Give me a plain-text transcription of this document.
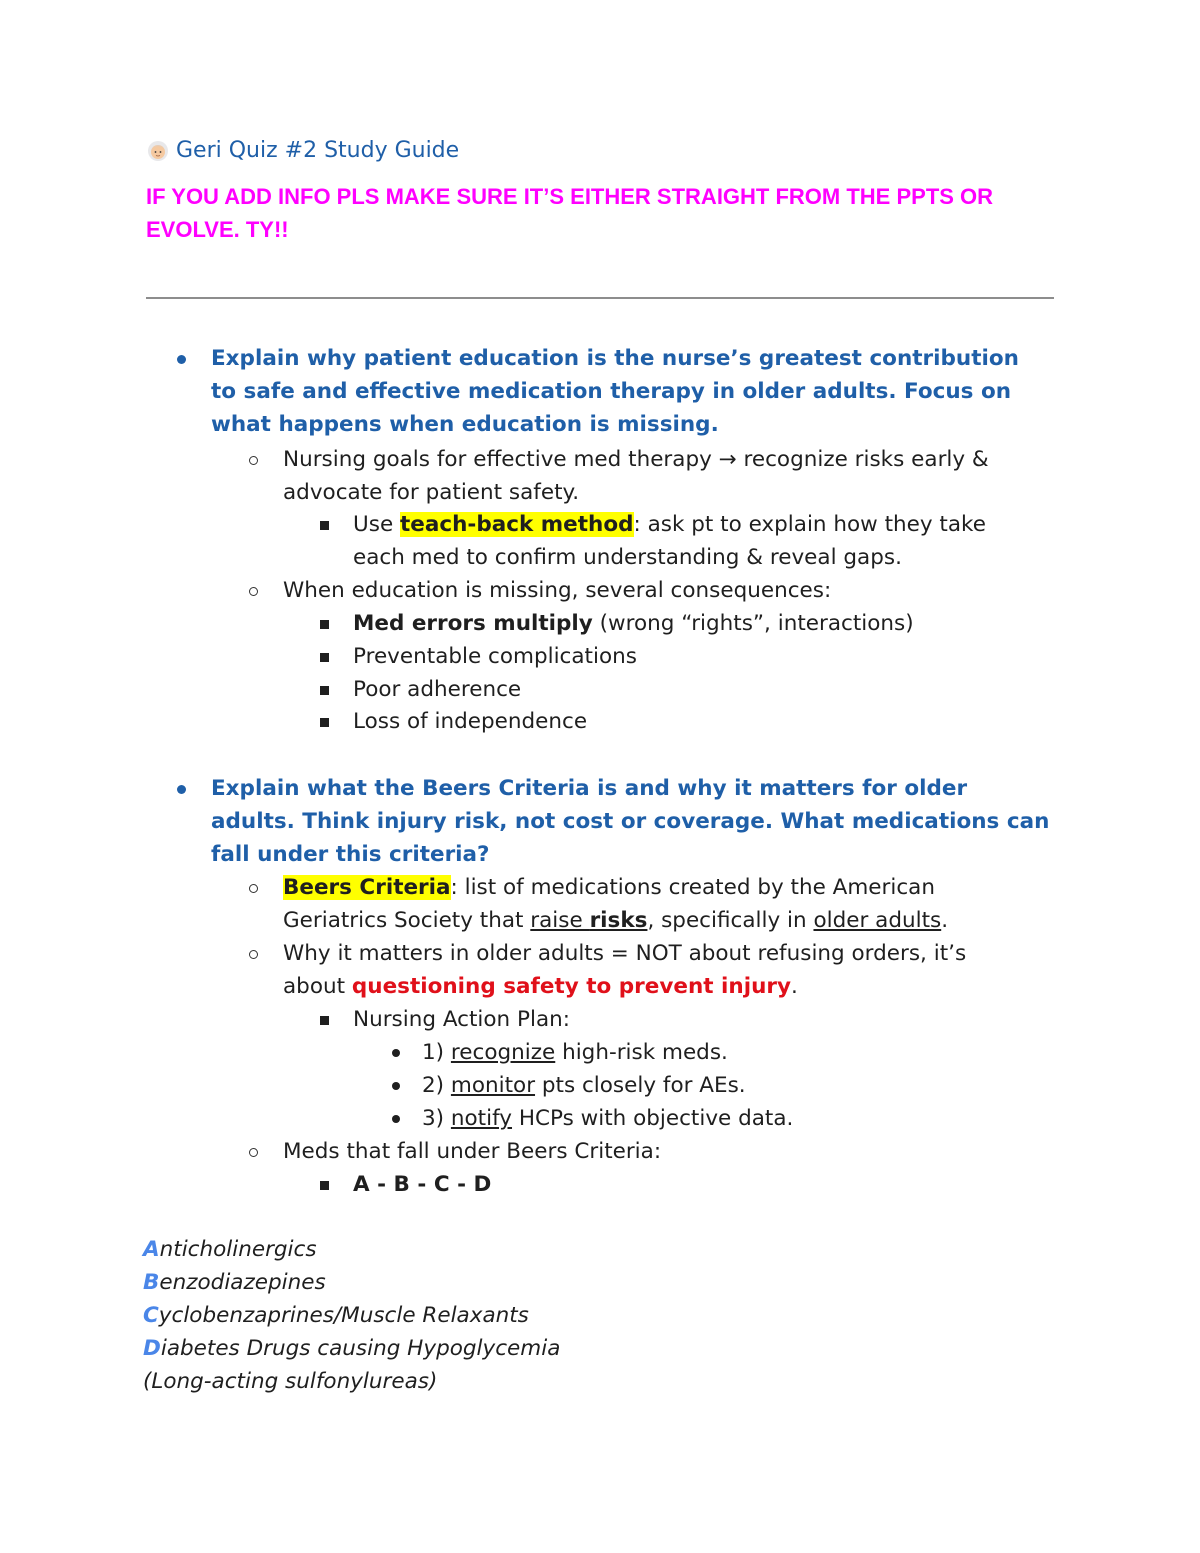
Geri Quiz #2 Study Guide
IF YOU ADD INFO PLS MAKE SURE IT’S EITHER STRAIGHT FROM THE PPTS OR EVOLVE. TY!!
Explain why patient education is the nurse’s greatest contribution
to safe and effective medication therapy in older adults. Focus on
what happens when education is missing.
Nursing goals for effective med therapy → recognize risks early &
advocate for patient safety.
Use teach-back method: ask pt to explain how they take
each med to confirm understanding & reveal gaps.
When education is missing, several consequences:
Med errors multiply (wrong “rights”, interactions)
Preventable complications
Poor adherence
Loss of independence
Explain what the Beers Criteria is and why it matters for older
adults. Think injury risk, not cost or coverage. What medications can
fall under this criteria?
Beers Criteria: list of medications created by the American
Geriatrics Society that raise risks, specifically in older adults.
Why it matters in older adults = NOT about refusing orders, it’s
about questioning safety to prevent injury.
Nursing Action Plan:
1) recognize high-risk meds.
2) monitor pts closely for AEs.
3) notify HCPs with objective data.
Meds that fall under Beers Criteria:
A - B - C - D
Anticholinergics
Benzodiazepines
Cyclobenzaprines/Muscle Relaxants
Diabetes Drugs causing Hypoglycemia
(Long-acting sulfonylureas)
